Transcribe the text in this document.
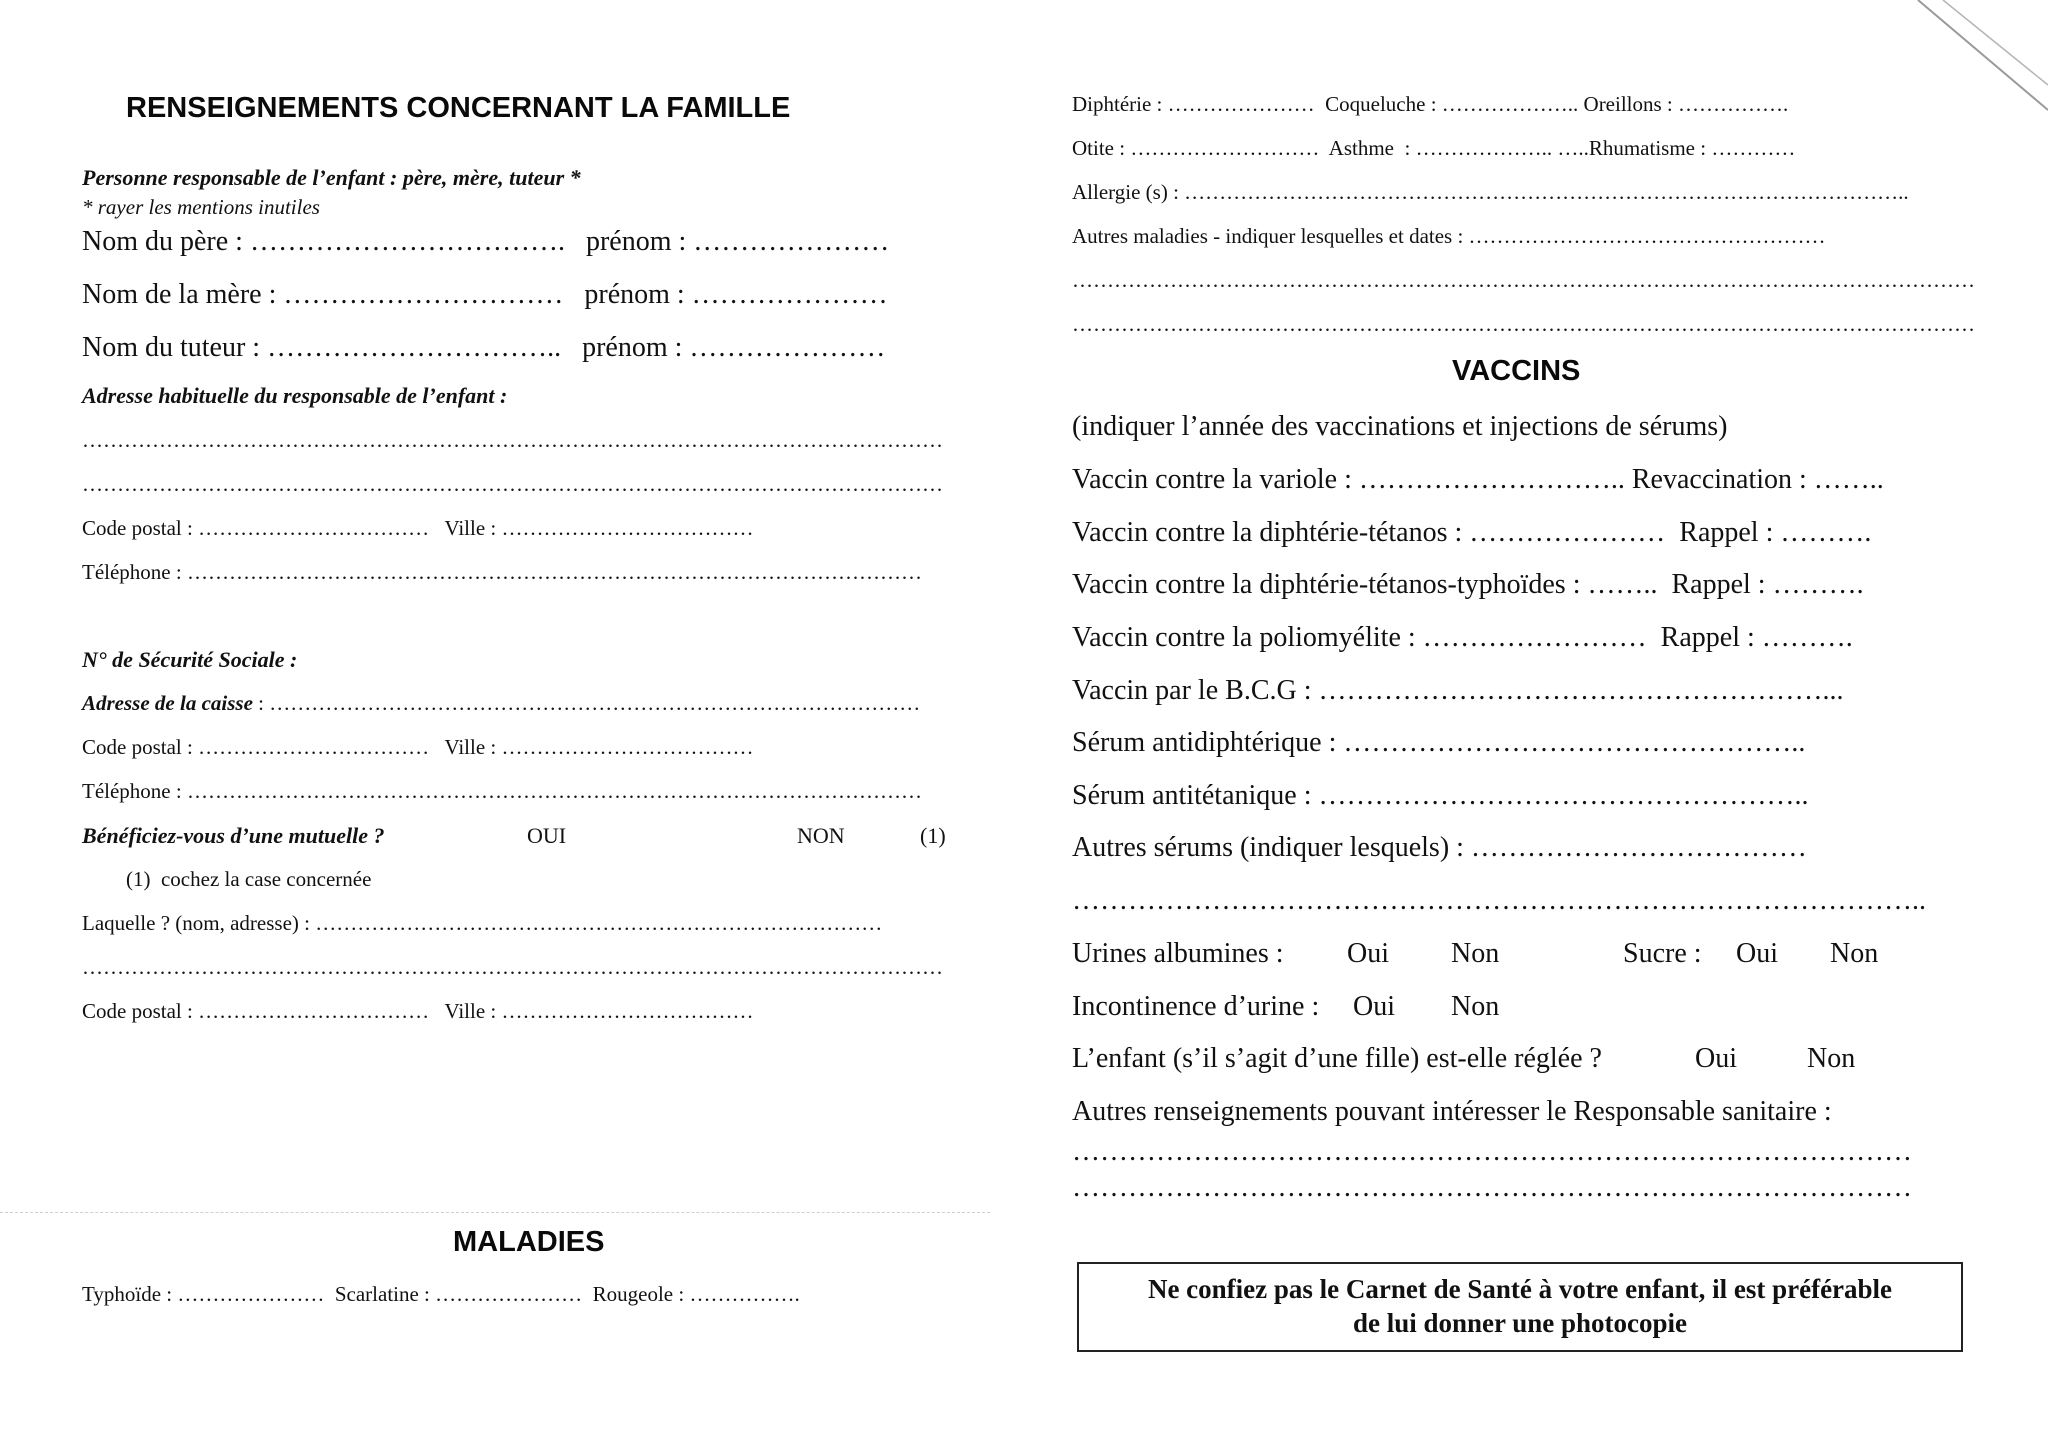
RENSEIGNEMENTS CONCERNANT LA FAMILLE
Personne responsable de l’enfant : père, mère, tuteur *
* rayer les mentions inutiles
Nom du père : …………………………….   prénom : …………………
Nom de la mère : …………………………   prénom : …………………
Nom du tuteur : …………………………..   prénom : …………………
Adresse habituelle du responsable de l’enfant :
……………………………………………………………………………………………………………
……………………………………………………………………………………………………………
Code postal : ……………………………   Ville : ………………………………
Téléphone : ……………………………………………………………………………………………
N° de Sécurité Sociale :
Adresse de la caisse : …………………………………………………………………………………
Code postal : ……………………………   Ville : ………………………………
Téléphone : ……………………………………………………………………………………………
Bénéficiez-vous d’une mutuelle ?	OUI	NON	(1)
(1)  cochez la case concernée
Laquelle ? (nom, adresse) : ………………………………………………………………………
……………………………………………………………………………………………………………
Code postal : ……………………………   Ville : ………………………………
MALADIES
Typhoïde : …………………  Scarlatine : …………………  Rougeole : …………….
Diphtérie : …………………  Coqueluche : ……………….. Oreillons : …………….
Otite : ………………………  Asthme  : ……………….. …..Rhumatisme : …………
Allergie (s) : …………………………………………………………………………………………..
Autres maladies - indiquer lesquelles et dates : ……………………………………………
…………………………………………………………………………………………………………………
…………………………………………………………………………………………………………………
VACCINS
(indiquer l’année des vaccinations et injections de sérums)
Vaccin contre la variole : ……………………….. Revaccination : ……..
Vaccin contre la diphtérie-tétanos : …………………  Rappel : ……….
Vaccin contre la diphtérie-tétanos-typhoïdes : ……..  Rappel : ……….
Vaccin contre la poliomyélite : ……………………  Rappel : ……….
Vaccin par le B.C.G : ………………………………………………...
Sérum antidiphtérique : …………………………………………..
Sérum antitétanique : ……………………………………………..
Autres sérums (indiquer lesquels) : ………………………………
………………………………………………………………………………..
Urines albumines : Oui Non	Sucre : Oui Non
Incontinence d’urine : Oui Non
L’enfant (s’il s’agit d’une fille) est-elle réglée ?	Oui	Non
Autres renseignements pouvant intéresser le Responsable sanitaire :
………………………………………………………………………………
………………………………………………………………………………
Ne confiez pas le Carnet de Santé à votre enfant, il est préférable
de lui donner une photocopie
